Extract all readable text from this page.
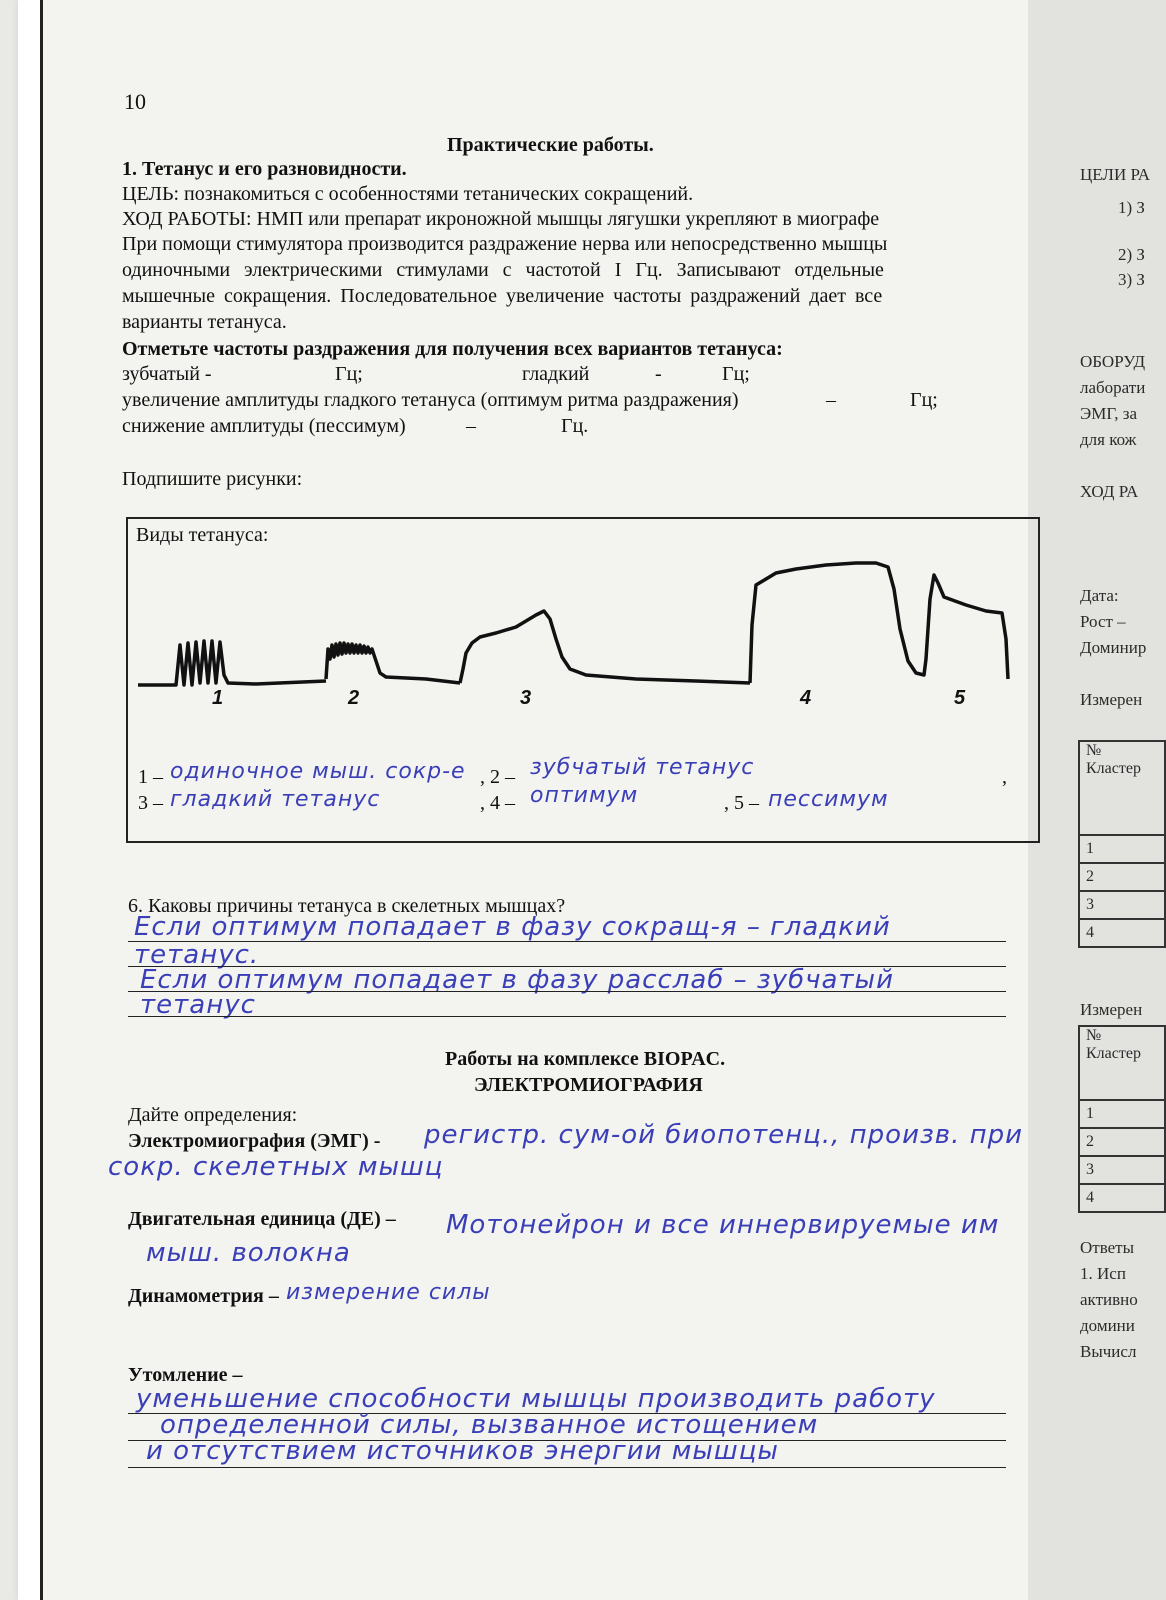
ЦЕЛИ РА
1) З
2) З
3) З
ОБОРУД
лаборати
ЭМГ, за
для кож
ХОД РА
Дата:
Рост –
Доминир
Измерен
№
Кластер
1
2
3
4
Измерен
№
Кластер
1
2
3
4
Ответы
1. Исп
активно
домини
Вычисл
10
Практические работы.
1. Тетанус и его разновидности.
ЦЕЛЬ: познакомиться с особенностями тетанических сокращений.
ХОД РАБОТЫ: НМП или препарат икроножной мышцы лягушки укрепляют в миографе
При помощи стимулятора производится раздражение нерва или непосредственно мышцы
одиночными электрическими стимулами с частотой I Гц. Записывают отдельные
мышечные сокращения. Последовательное увеличение частоты раздражений дает все
варианты тетануса.
Отметьте частоты раздражения для получения всех вариантов тетануса:
зубчатый -	Гц;	гладкий	-	Гц;
увеличение амплитуды гладкого тетануса (оптимум ритма раздражения)	–	Гц;
снижение амплитуды (пессимум)	–	Гц.
Подпишите рисунки:
Виды тетануса:
1	2	3	4	5
1 – одиночное мыш. сокр-е , 2 – зубчатый тетанус	,
3 – гладкий тетанус	, 4 – оптимум	, 5 – пессимум
6. Каковы причины тетануса в скелетных мышцах?
Если оптимум попадает в фазу сокращ-я – гладкий
тетанус.
Если оптимум попадает в фазу расслаб – зубчатый
тетанус
Работы на комплексе BIOPAC.
ЭЛЕКТРОМИОГРАФИЯ
Дайте определения:
Электромиография (ЭМГ) - регистр. сум-ой биопотенц., произв. при
сокр. скелетных мышц
Двигательная единица (ДЕ) – Мотонейрон и все иннервируемые им
мыш. волокна
Динамометрия – измерение силы
Утомление –
уменьшение способности мышцы производить работу
определенной силы, вызванное истощением
и отсутствием источников энергии мышцы
